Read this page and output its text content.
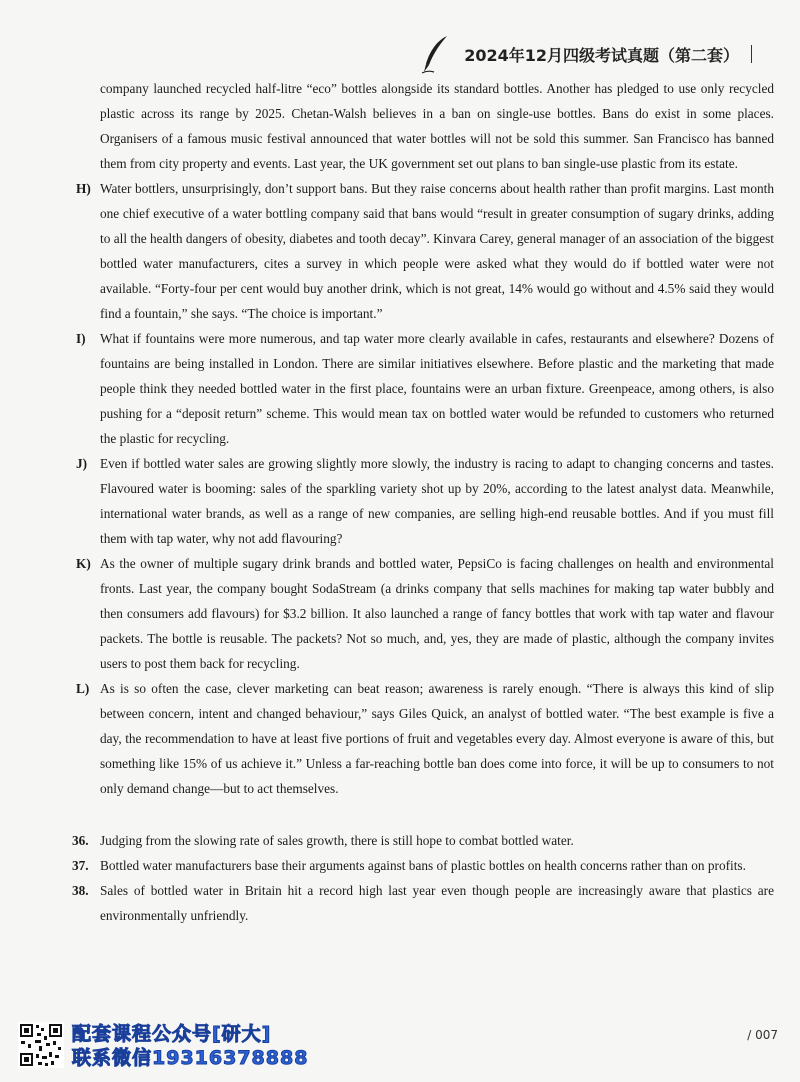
2024年12月四级考试真题（第二套）
company launched recycled half-litre “eco” bottles alongside its standard bottles. Another has pledged to use only recycled plastic across its range by 2025. Chetan-Walsh believes in a ban on single-use bottles. Bans do exist in some places. Organisers of a famous music festival announced that water bottles will not be sold this summer. San Francisco has banned them from city property and events. Last year, the UK government set out plans to ban single-use plastic from its estate.
H) Water bottlers, unsurprisingly, don’t support bans. But they raise concerns about health rather than profit margins. Last month one chief executive of a water bottling company said that bans would “result in greater consumption of sugary drinks, adding to all the health dangers of obesity, diabetes and tooth decay”. Kinvara Carey, general manager of an association of the biggest bottled water manufacturers, cites a survey in which people were asked what they would do if bottled water were not available. “Forty-four per cent would buy another drink, which is not great, 14% would go without and 4.5% said they would find a fountain,” she says. “The choice is important.”
I) What if fountains were more numerous, and tap water more clearly available in cafes, restaurants and elsewhere? Dozens of fountains are being installed in London. There are similar initiatives elsewhere. Before plastic and the marketing that made people think they needed bottled water in the first place, fountains were an urban fixture. Greenpeace, among others, is also pushing for a “deposit return” scheme. This would mean tax on bottled water would be refunded to customers who returned the plastic for recycling.
J) Even if bottled water sales are growing slightly more slowly, the industry is racing to adapt to changing concerns and tastes. Flavoured water is booming: sales of the sparkling variety shot up by 20%, according to the latest analyst data. Meanwhile, international water brands, as well as a range of new companies, are selling high-end reusable bottles. And if you must fill them with tap water, why not add flavouring?
K) As the owner of multiple sugary drink brands and bottled water, PepsiCo is facing challenges on health and environmental fronts. Last year, the company bought SodaStream (a drinks company that sells machines for making tap water bubbly and then consumers add flavours) for $3.2 billion. It also launched a range of fancy bottles that work with tap water and flavour packets. The bottle is reusable. The packets? Not so much, and, yes, they are made of plastic, although the company invites users to post them back for recycling.
L) As is so often the case, clever marketing can beat reason; awareness is rarely enough. “There is always this kind of slip between concern, intent and changed behaviour,” says Giles Quick, an analyst of bottled water. “The best example is five a day, the recommendation to have at least five portions of fruit and vegetables every day. Almost everyone is aware of this, but something like 15% of us achieve it.” Unless a far-reaching bottle ban does come into force, it will be up to consumers to not only demand change—but to act themselves.
36. Judging from the slowing rate of sales growth, there is still hope to combat bottled water.
37. Bottled water manufacturers base their arguments against bans of plastic bottles on health concerns rather than on profits.
38. Sales of bottled water in Britain hit a record high last year even though people are increasingly aware that plastics are environmentally unfriendly.
配套课程公众号[研大]
联系微信19316378888
/ 007
